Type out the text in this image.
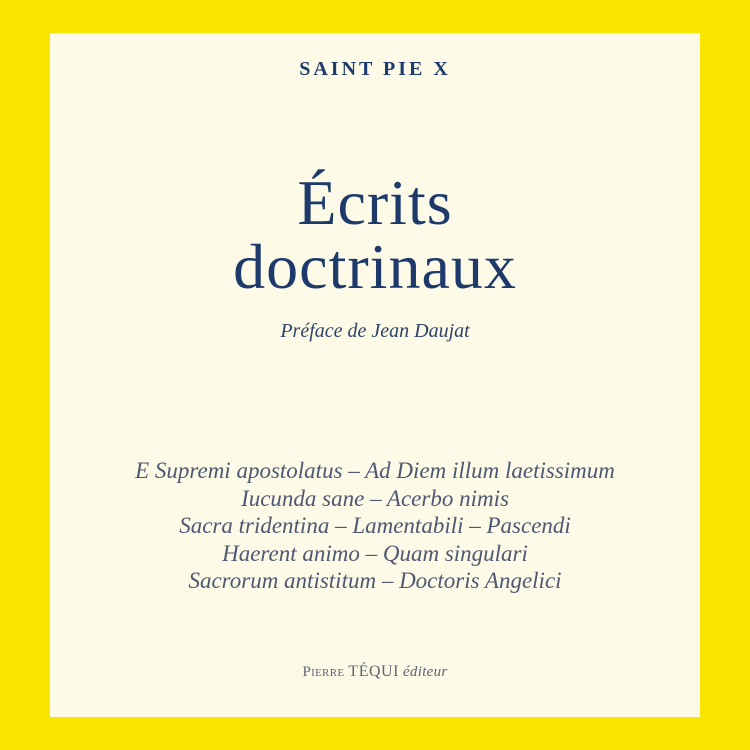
SAINT PIE X
Écrits
doctrinaux
Préface de Jean Daujat
E Supremi apostolatus – Ad Diem illum laetissimum
Iucunda sane – Acerbo nimis
Sacra tridentina – Lamentabili – Pascendi
Haerent animo – Quam singulari
Sacrorum antistitum – Doctoris Angelici
Pierre TÉQUI éditeur
